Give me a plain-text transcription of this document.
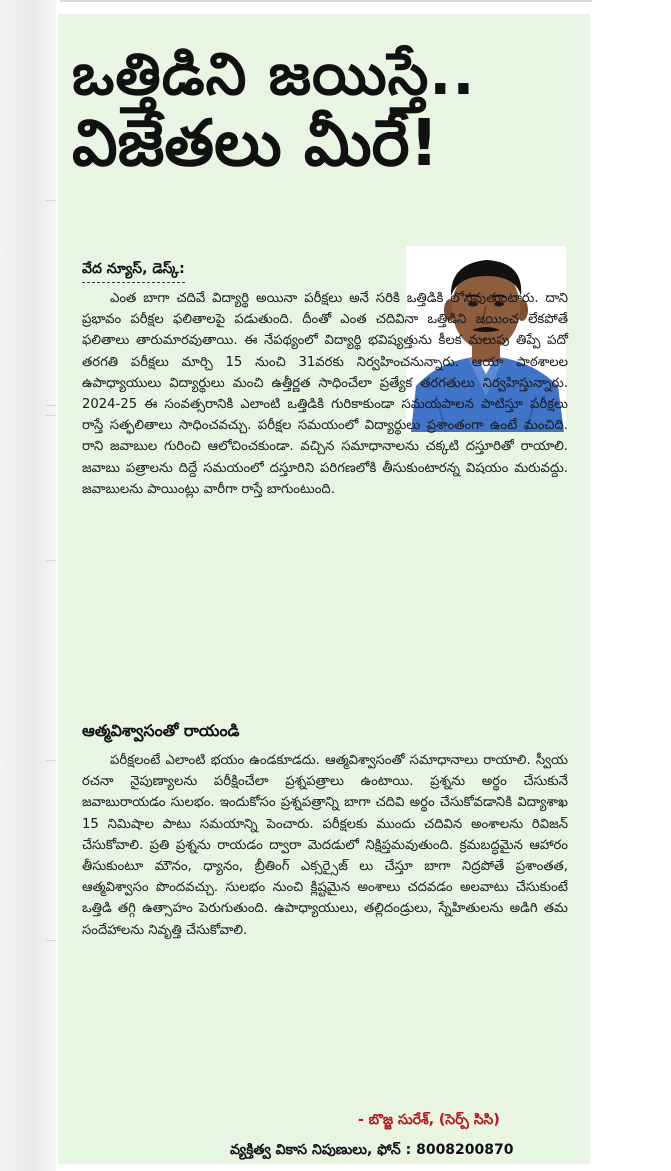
ఒత్తిడిని జయిస్తే..
విజేతలు మీరే!
వేద న్యూస్, డెస్క్:

ఎంత బాగా చదివే విద్యార్థి అయినా పరీక్షలు అనే సరికి ఒత్తిడికి లోనవుతుంటారు. దాని ప్రభావం పరీక్షల ఫలితాలపై పడుతుంది. దీంతో ఎంత చదివినా ఒత్తిడిని జయించ లేకపోతే ఫలితాలు తారుమారవుతాయి. ఈ నేపథ్యంలో విద్యార్థి భవిష్యత్తును కీలక మలుపు తిప్పే పదో తరగతి పరీక్షలు మార్చి 15 నుంచి 31వరకు నిర్వహించనున్నారు. ఆయా పాఠశాలల ఉపాధ్యాయులు విద్యార్థులు మంచి ఉత్తీర్ణత సాధించేలా ప్రత్యేక తరగతులు నిర్వహిస్తున్నారు. 2024-25 ఈ సంవత్సరానికి ఎలాంటి ఒత్తిడికి గురికాకుండా సమయపాలన పాటిస్తూ పరీక్షలు రాస్తే సత్ఫలితాలు సాధించవచ్చు. పరీక్షల సమయంలో విద్యార్థులు ప్రశాంతంగా ఉంటే మంచిది. రాని జవాబుల గురించి ఆలోచించకుండా. వచ్చిన సమాధానాలను చక్కటి దస్తూరితో రాయాలి. జవాబు పత్రాలను దిద్దే సమయంలో దస్తూరిని పరిగణలోకి తీసుకుంటారన్న విషయం మరువద్దు. జవాబులను పాయింట్లు వారీగా రాస్తే బాగుంటుంది.

ఆత్మవిశ్వాసంతో రాయండి

పరీక్షలంటే ఎలాంటి భయం ఉండకూడదు. ఆత్మవిశ్వాసంతో సమాధానాలు రాయాలి. స్వీయ రచనా నైపుణ్యాలను పరీక్షించేలా ప్రశ్నపత్రాలు ఉంటాయి. ప్రశ్నను అర్థం చేసుకునే జవాబురాయడం సులభం. ఇందుకోసం ప్రశ్నపత్రాన్ని బాగా చదివి అర్థం చేసుకోవడానికి విద్యాశాఖ 15 నిమిషాల పాటు సమయాన్ని పెంచారు. పరీక్షలకు ముందు చదివిన అంశాలను రివిజన్ చేసుకోవాలి. ప్రతి ప్రశ్నను రాయడం ద్వారా మెదడులో నిక్షిప్తమవుతుంది. క్రమబద్ధమైన ఆహారం తీసుకుంటూ మౌనం, ధ్యానం, బ్రీతింగ్ ఎక్సర్సైజ్ లు చేస్తూ బాగా నిద్రపోతే ప్రశాంతత, ఆత్మవిశ్వాసం పొందవచ్చు. సులభం నుంచి క్లిష్టమైన అంశాలు చదవడం అలవాటు చేసుకుంటే ఒత్తిడి తగ్గి ఉత్సాహం పెరుగుతుంది. ఉపాధ్యాయులు, తల్లిదండ్రులు, స్నేహితులను అడిగి తమ సందేహాలను నివృత్తి చేసుకోవాలి.

- బొజ్జ సురేశ్, (సెర్ప్ సిసి)
వ్యక్తిత్వ వికాస నిపుణులు, ఫోన్ : 8008200870
